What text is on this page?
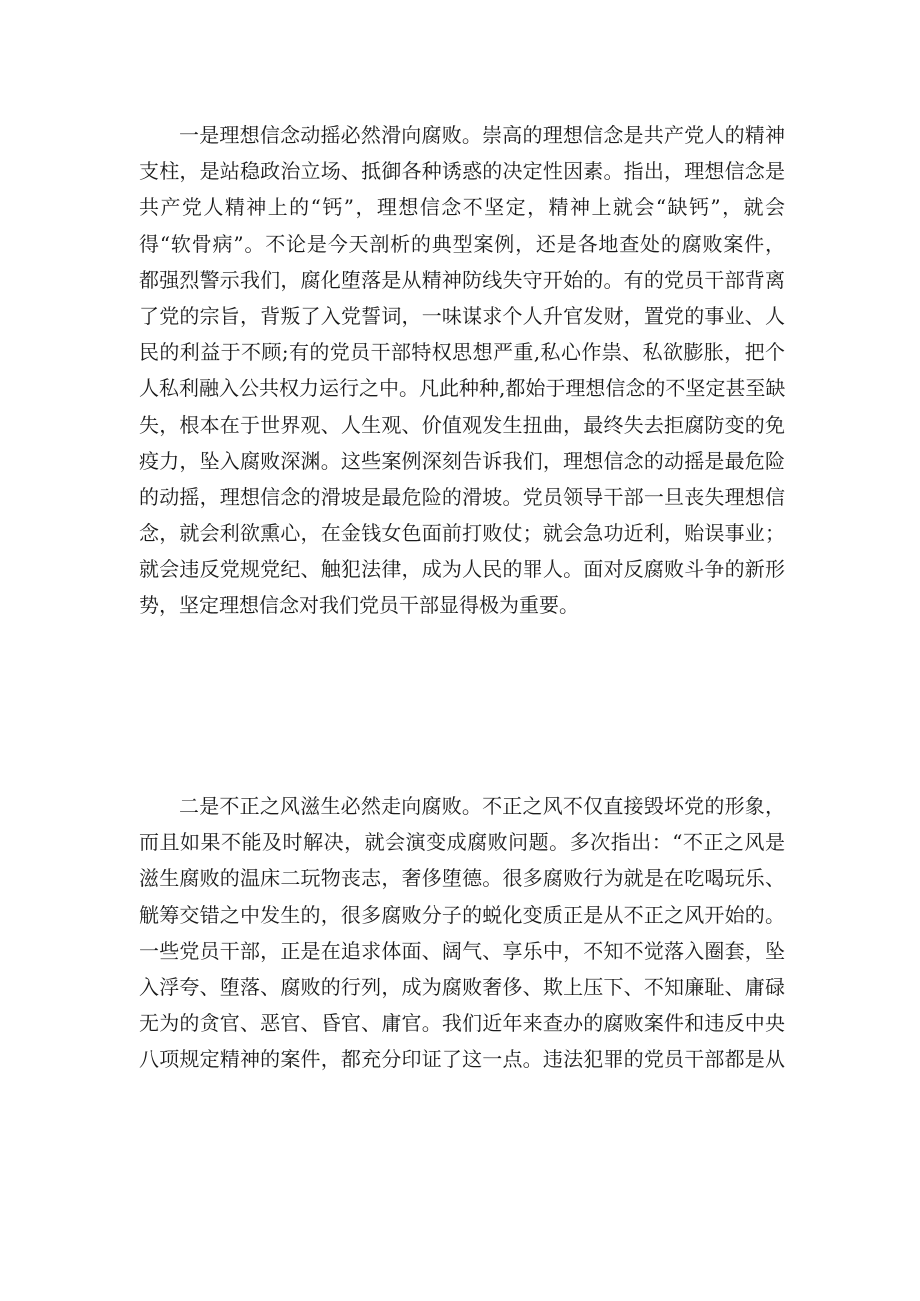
一是理想信念动摇必然滑向腐败。崇高的理想信念是共产党人的精神
支柱，是站稳政治立场、抵御各种诱惑的决定性因素。指出，理想信念是
共产党人精神上的“钙”，理想信念不坚定，精神上就会“缺钙”，就会
得“软骨病”。不论是今天剖析的典型案例，还是各地查处的腐败案件，
都强烈警示我们，腐化堕落是从精神防线失守开始的。有的党员干部背离
了党的宗旨，背叛了入党誓词，一味谋求个人升官发财，置党的事业、人
民的利益于不顾;有的党员干部特权思想严重,私心作祟、私欲膨胀，把个
人私利融入公共权力运行之中。凡此种种,都始于理想信念的不坚定甚至缺
失，根本在于世界观、人生观、价值观发生扭曲，最终失去拒腐防变的免
疫力，坠入腐败深渊。这些案例深刻告诉我们，理想信念的动摇是最危险
的动摇，理想信念的滑坡是最危险的滑坡。党员领导干部一旦丧失理想信
念，就会利欲熏心，在金钱女色面前打败仗；就会急功近利，贻误事业；
就会违反党规党纪、触犯法律，成为人民的罪人。面对反腐败斗争的新形
势，坚定理想信念对我们党员干部显得极为重要。
二是不正之风滋生必然走向腐败。不正之风不仅直接毁坏党的形象，
而且如果不能及时解决，就会演变成腐败问题。多次指出：“不正之风是
滋生腐败的温床二玩物丧志，奢侈堕德。很多腐败行为就是在吃喝玩乐、
觥筹交错之中发生的，很多腐败分子的蜕化变质正是从不正之风开始的。
一些党员干部，正是在追求体面、阔气、享乐中，不知不觉落入圈套，坠
入浮夸、堕落、腐败的行列，成为腐败奢侈、欺上压下、不知廉耻、庸碌
无为的贪官、恶官、昏官、庸官。我们近年来查办的腐败案件和违反中央
八项规定精神的案件，都充分印证了这一点。违法犯罪的党员干部都是从
